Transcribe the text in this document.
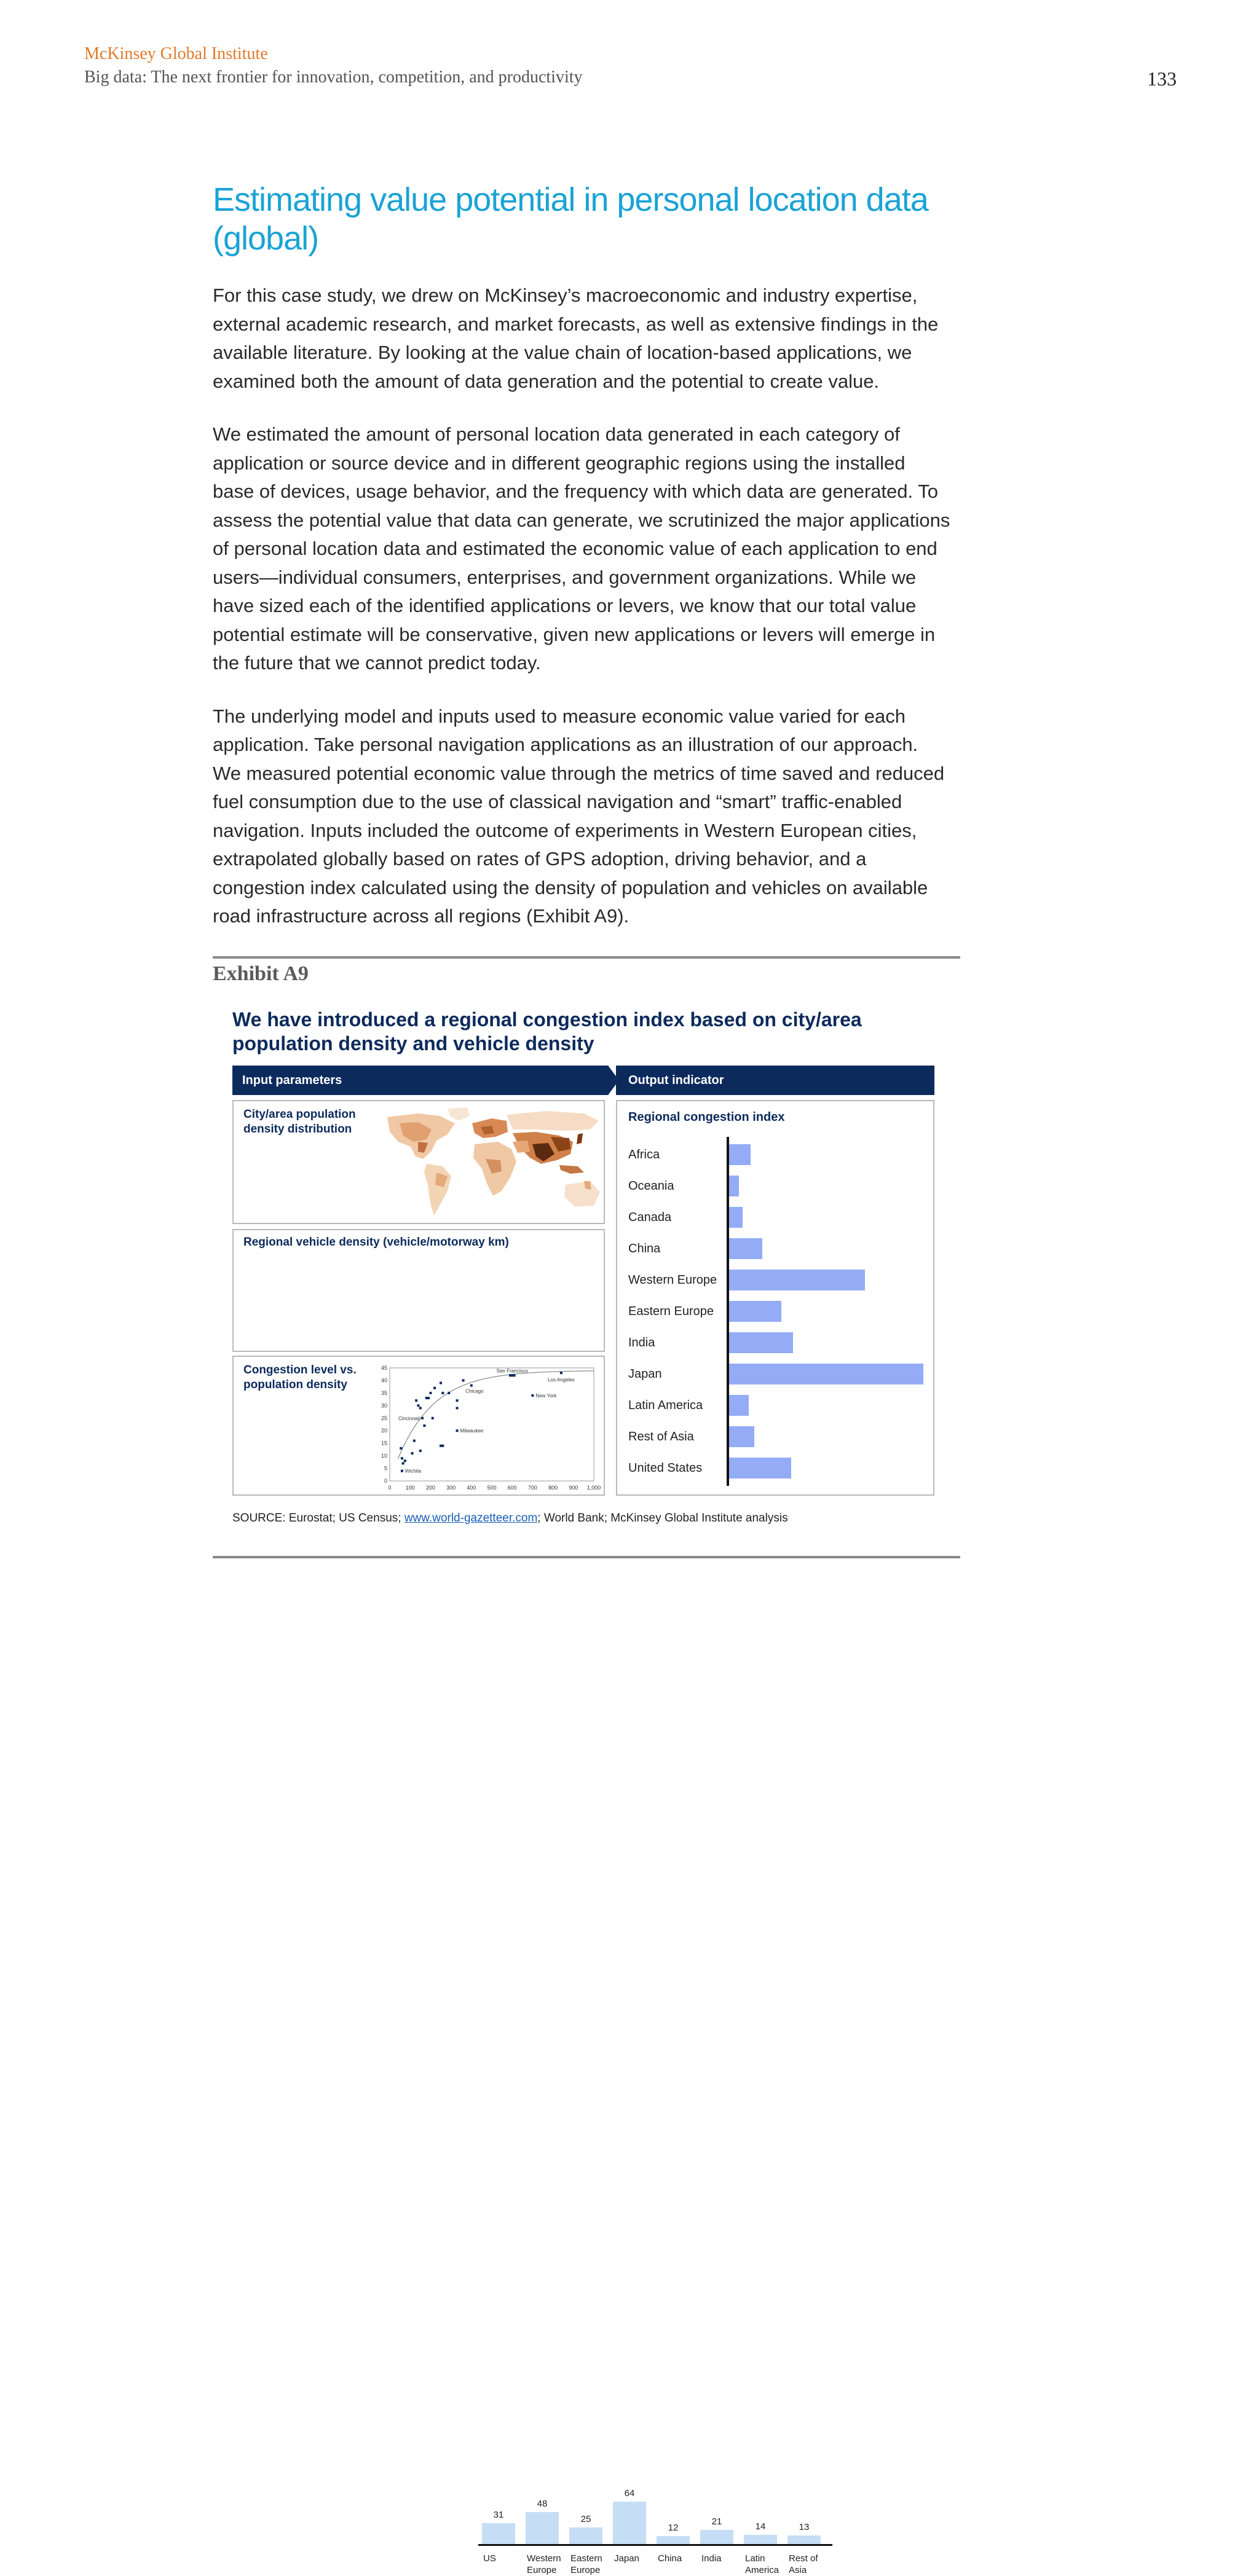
McKinsey Global Institute
Big data: The next frontier for innovation, competition, and productivity	133
Estimating value potential in personal location data (global)

For this case study, we drew on McKinsey’s macroeconomic and industry expertise, external academic research, and market forecasts, as well as extensive findings in the available literature. By looking at the value chain of location-based applications, we examined both the amount of data generation and the potential to create value.

We estimated the amount of personal location data generated in each category of application or source device and in different geographic regions using the installed base of devices, usage behavior, and the frequency with which data are generated. To assess the potential value that data can generate, we scrutinized the major applications of personal location data and estimated the economic value of each application to end users—individual consumers, enterprises, and government organizations. While we have sized each of the identified applications or levers, we know that our total value potential estimate will be conservative, given new applications or levers will emerge in the future that we cannot predict today.

The underlying model and inputs used to measure economic value varied for each application. Take personal navigation applications as an illustration of our approach. We measured potential economic value through the metrics of time saved and reduced fuel consumption due to the use of classical navigation and “smart” traffic-enabled navigation. Inputs included the outcome of experiments in Western European cities, extrapolated globally based on rates of GPS adoption, driving behavior, and a congestion index calculated using the density of population and vehicles on available road infrastructure across all regions (Exhibit A9).

Exhibit A9
We have introduced a regional congestion index based on city/area population density and vehicle density
Input parameters	Output indicator
City/area population density distribution
Regional vehicle density (vehicle/motorway km)
31
US
48
Western Europe
25
Eastern Europe
64
Japan
12
China
21
India
14
Latin America
13
Rest of Asia
Congestion level vs. population density
0
5
10
15
20
25
30
35
40
45
0	100 200 300 400 500 600 700 800 900 1,000
San Francisco
Los Angeles
Chicago
New York
Cincinnati
Milwaukee
Wichita
Regional congestion index
Africa
Oceania
Canada
China
Western Europe
Eastern Europe
India
Japan
Latin America
Rest of Asia
United States
SOURCE: Eurostat; US Census; www.world-gazetteer.com; World Bank; McKinsey Global Institute analysis
